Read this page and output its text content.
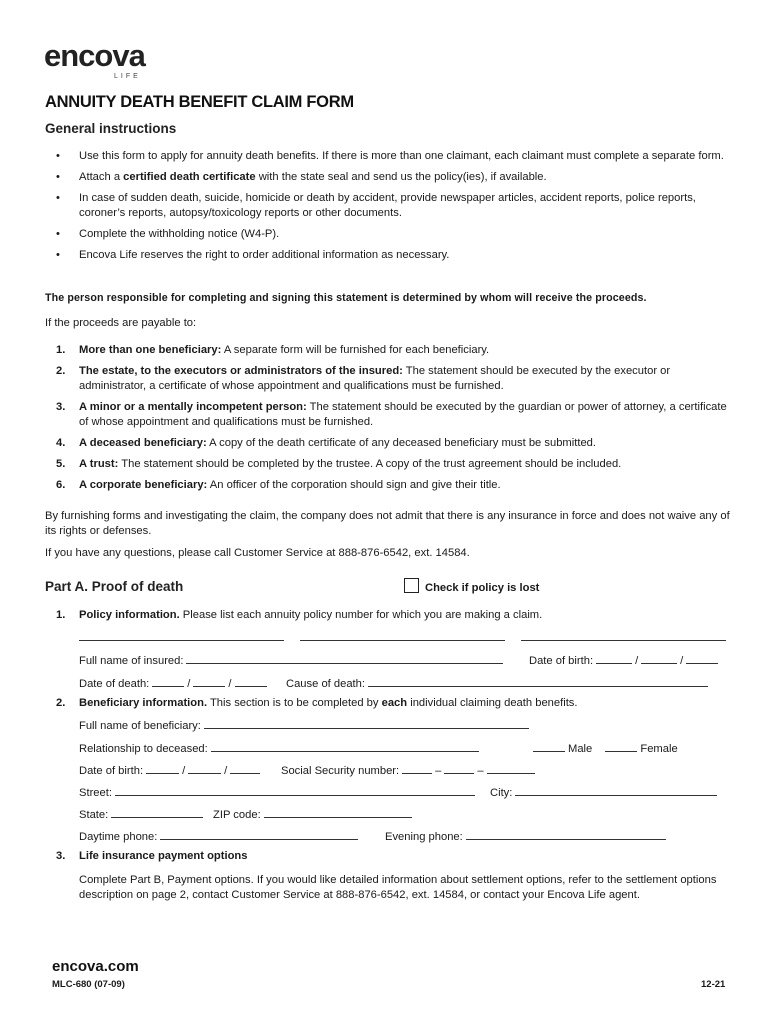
encova
LIFE
ANNUITY DEATH BENEFIT CLAIM FORM
General instructions
• Use this form to apply for annuity death benefits. If there is more than one claimant, each claimant must complete a separate form.
• Attach a certified death certificate with the state seal and send us the policy(ies), if available.
• In case of sudden death, suicide, homicide or death by accident, provide newspaper articles, accident reports, police reports, coroner’s reports, autopsy/toxicology reports or other documents.
• Complete the withholding notice (W4-P).
• Encova Life reserves the right to order additional information as necessary.
The person responsible for completing and signing this statement is determined by whom will receive the proceeds.
If the proceeds are payable to:
1. More than one beneficiary: A separate form will be furnished for each beneficiary.
2. The estate, to the executors or administrators of the insured: The statement should be executed by the executor or administrator, a certificate of whose appointment and qualifications must be furnished.
3. A minor or a mentally incompetent person: The statement should be executed by the guardian or power of attorney, a certificate of whose appointment and qualifications must be furnished.
4. A deceased beneficiary: A copy of the death certificate of any deceased beneficiary must be submitted.
5. A trust: The statement should be completed by the trustee. A copy of the trust agreement should be included.
6. A corporate beneficiary: An officer of the corporation should sign and give their title.
By furnishing forms and investigating the claim, the company does not admit that there is any insurance in force and does not waive any of its rights or defenses.
If you have any questions, please call Customer Service at 888-876-6542, ext. 14584.
Part A. Proof of death	Check if policy is lost
1. Policy information. Please list each annuity policy number for which you are making a claim.
Full name of insured:	Date of birth:	/	/
Date of death:	/	/	Cause of death:
2. Beneficiary information. This section is to be completed by each individual claiming death benefits.
Full name of beneficiary:
Relationship to deceased:	Male	Female
Date of birth:	/	/	Social Security number:	–	–
Street:	City:
State:	ZIP code:
Daytime phone:	Evening phone:
3. Life insurance payment options
Complete Part B, Payment options. If you would like detailed information about settlement options, refer to the settlement options description on page 2, contact Customer Service at 888-876-6542, ext. 14584, or contact your Encova Life agent.
encova.com
MLC-680 (07-09)	12-21
